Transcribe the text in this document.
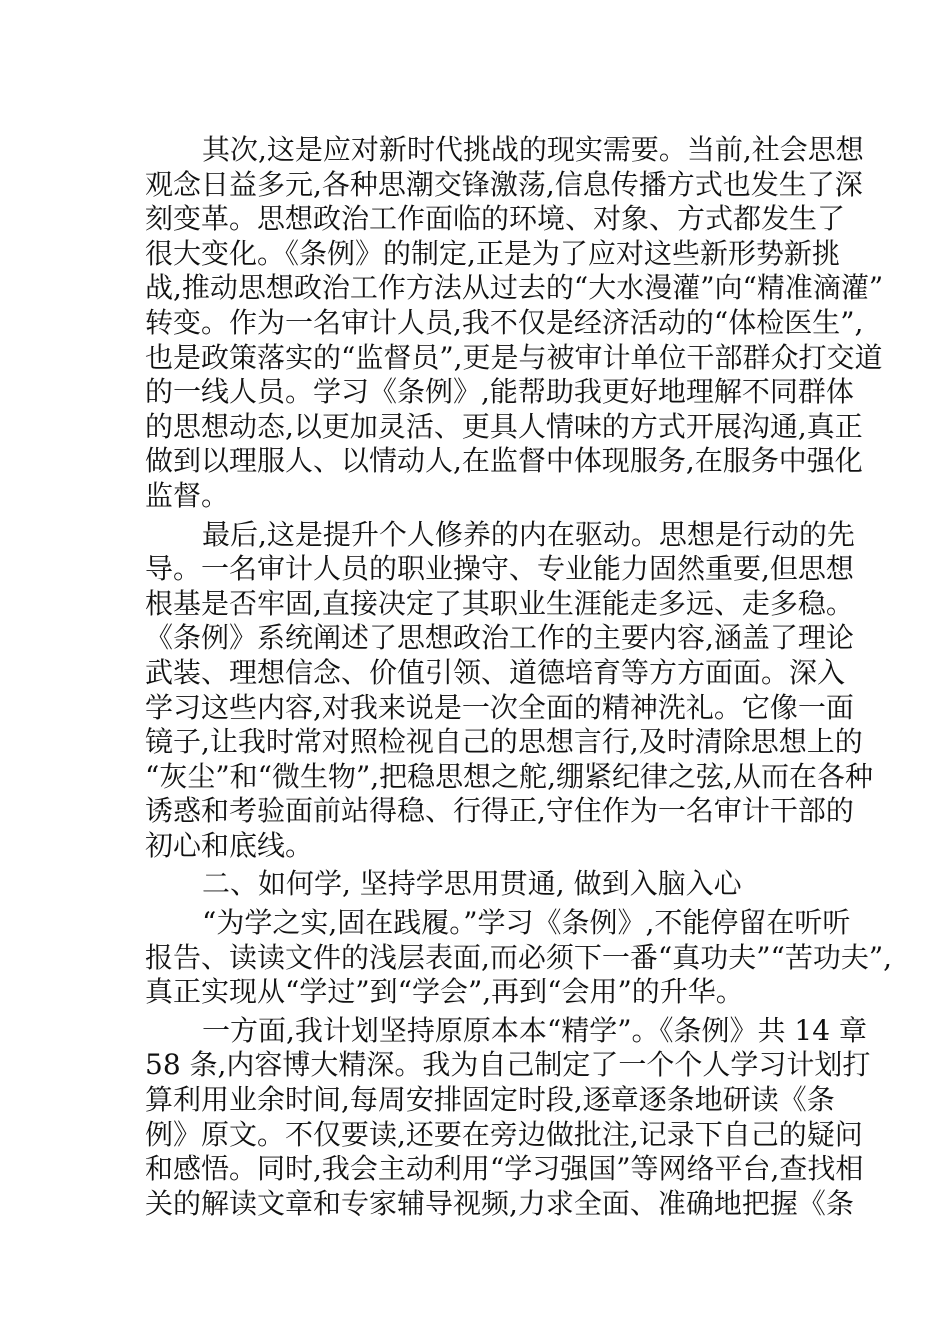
其次,这是应对新时代挑战的现实需要。当前,社会思想
观念日益多元,各种思潮交锋激荡,信息传播方式也发生了深
刻变革。思想政治工作面临的环境、对象、方式都发生了
很大变化。《条例》的制定,正是为了应对这些新形势新挑
战,推动思想政治工作方法从过去的“大水漫灌”向“精准滴灌”
转变。作为一名审计人员,我不仅是经济活动的“体检医生”,
也是政策落实的“监督员”,更是与被审计单位干部群众打交道
的一线人员。学习《条例》,能帮助我更好地理解不同群体
的思想动态,以更加灵活、更具人情味的方式开展沟通,真正
做到以理服人、以情动人,在监督中体现服务,在服务中强化
监督。
最后,这是提升个人修养的内在驱动。思想是行动的先
导。一名审计人员的职业操守、专业能力固然重要,但思想
根基是否牢固,直接决定了其职业生涯能走多远、走多稳。
《条例》系统阐述了思想政治工作的主要内容,涵盖了理论
武装、理想信念、价值引领、道德培育等方方面面。深入
学习这些内容,对我来说是一次全面的精神洗礼。它像一面
镜子,让我时常对照检视自己的思想言行,及时清除思想上的
“灰尘”和“微生物”,把稳思想之舵,绷紧纪律之弦,从而在各种
诱惑和考验面前站得稳、行得正,守住作为一名审计干部的
初心和底线。
二、如何学, 坚持学思用贯通, 做到入脑入心
“为学之实,固在践履。”学习《条例》,不能停留在听听
报告、读读文件的浅层表面,而必须下一番“真功夫”“苦功夫”,
真正实现从“学过”到“学会”,再到“会用”的升华。
一方面,我计划坚持原原本本“精学”。《条例》共 14 章
58 条,内容博大精深。我为自己制定了一个个人学习计划打
算利用业余时间,每周安排固定时段,逐章逐条地研读《条
例》原文。不仅要读,还要在旁边做批注,记录下自己的疑问
和感悟。同时,我会主动利用“学习强国”等网络平台,查找相
关的解读文章和专家辅导视频,力求全面、准确地把握《条
